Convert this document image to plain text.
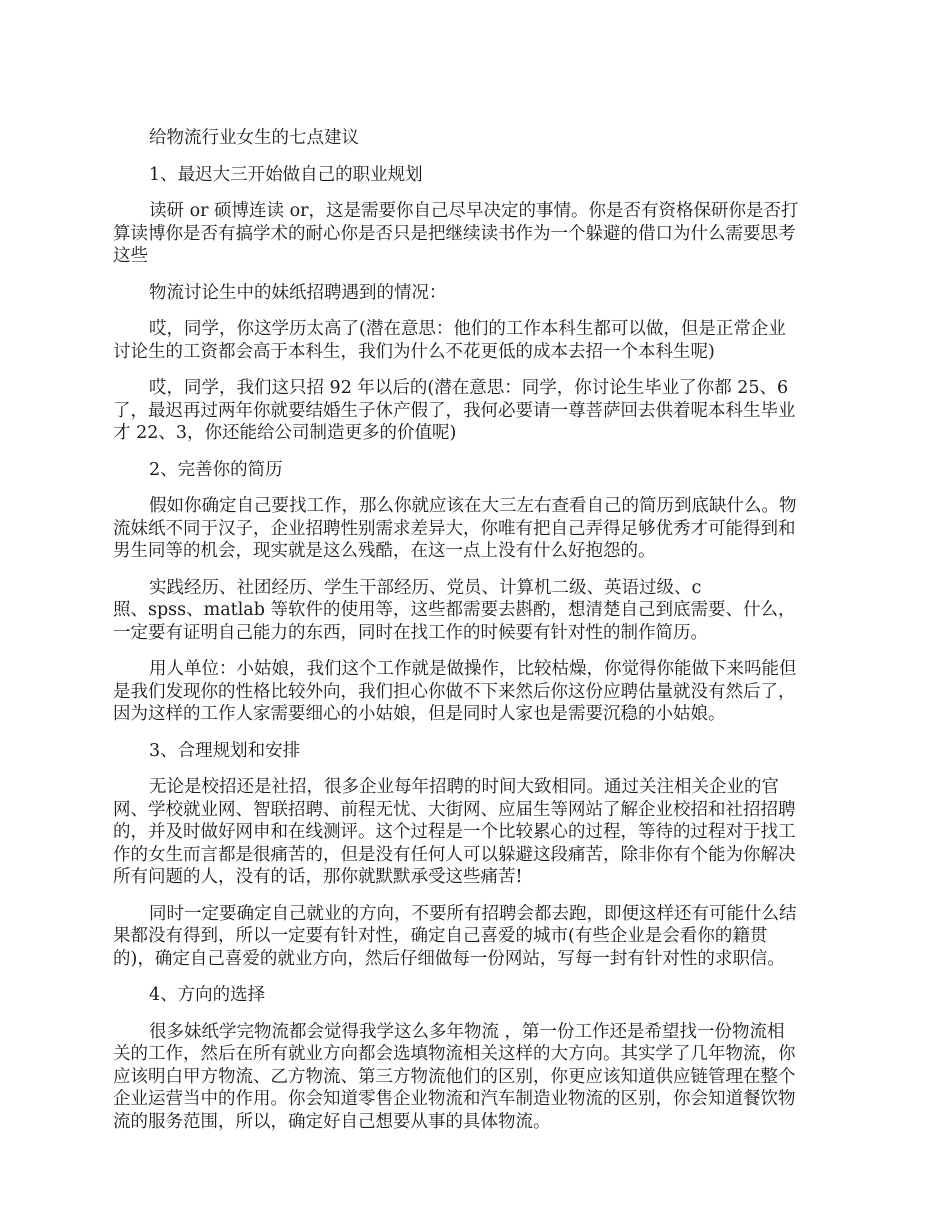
给物流行业女生的七点建议

1、最迟大三开始做自己的职业规划

读研 or 硕博连读 or，这是需要你自己尽早决定的事情。你是否有资格保研你是否打
算读博你是否有搞学术的耐心你是否只是把继续读书作为一个躲避的借口为什么需要思考
这些

物流讨论生中的妹纸招聘遇到的情况：

哎，同学，你这学历太高了(潜在意思：他们的工作本科生都可以做，但是正常企业
讨论生的工资都会高于本科生，我们为什么不花更低的成本去招一个本科生呢)

哎，同学，我们这只招 92 年以后的(潜在意思：同学，你讨论生毕业了你都 25、6
了，最迟再过两年你就要结婚生子休产假了，我何必要请一尊菩萨回去供着呢本科生毕业
才 22、3，你还能给公司制造更多的价值呢)

2、完善你的简历

假如你确定自己要找工作，那么你就应该在大三左右查看自己的简历到底缺什么。物
流妹纸不同于汉子，企业招聘性别需求差异大，你唯有把自己弄得足够优秀才可能得到和
男生同等的机会，现实就是这么残酷，在这一点上没有什么好抱怨的。

实践经历、社团经历、学生干部经历、党员、计算机二级、英语过级、c
照、spss、matlab 等软件的使用等，这些都需要去斟酌，想清楚自己到底需要、什么，
一定要有证明自己能力的东西，同时在找工作的时候要有针对性的制作简历。

用人单位：小姑娘，我们这个工作就是做操作，比较枯燥，你觉得你能做下来吗能但
是我们发现你的性格比较外向，我们担心你做不下来然后你这份应聘估量就没有然后了，
因为这样的工作人家需要细心的小姑娘，但是同时人家也是需要沉稳的小姑娘。

3、合理规划和安排

无论是校招还是社招，很多企业每年招聘的时间大致相同。通过关注相关企业的官
网、学校就业网、智联招聘、前程无忧、大街网、应届生等网站了解企业校招和社招招聘
的，并及时做好网申和在线测评。这个过程是一个比较累心的过程，等待的过程对于找工
作的女生而言都是很痛苦的，但是没有任何人可以躲避这段痛苦，除非你有个能为你解决
所有问题的人，没有的话，那你就默默承受这些痛苦!

同时一定要确定自己就业的方向，不要所有招聘会都去跑，即便这样还有可能什么结
果都没有得到，所以一定要有针对性，确定自己喜爱的城市(有些企业是会看你的籍贯
的)，确定自己喜爱的就业方向，然后仔细做每一份网站，写每一封有针对性的求职信。

4、方向的选择

很多妹纸学完物流都会觉得我学这么多年物流 ，第一份工作还是希望找一份物流相
关的工作，然后在所有就业方向都会选填物流相关这样的大方向。其实学了几年物流，你
应该明白甲方物流、乙方物流、第三方物流他们的区别，你更应该知道供应链管理在整个
企业运营当中的作用。你会知道零售企业物流和汽车制造业物流的区别，你会知道餐饮物
流的服务范围，所以，确定好自己想要从事的具体物流。
